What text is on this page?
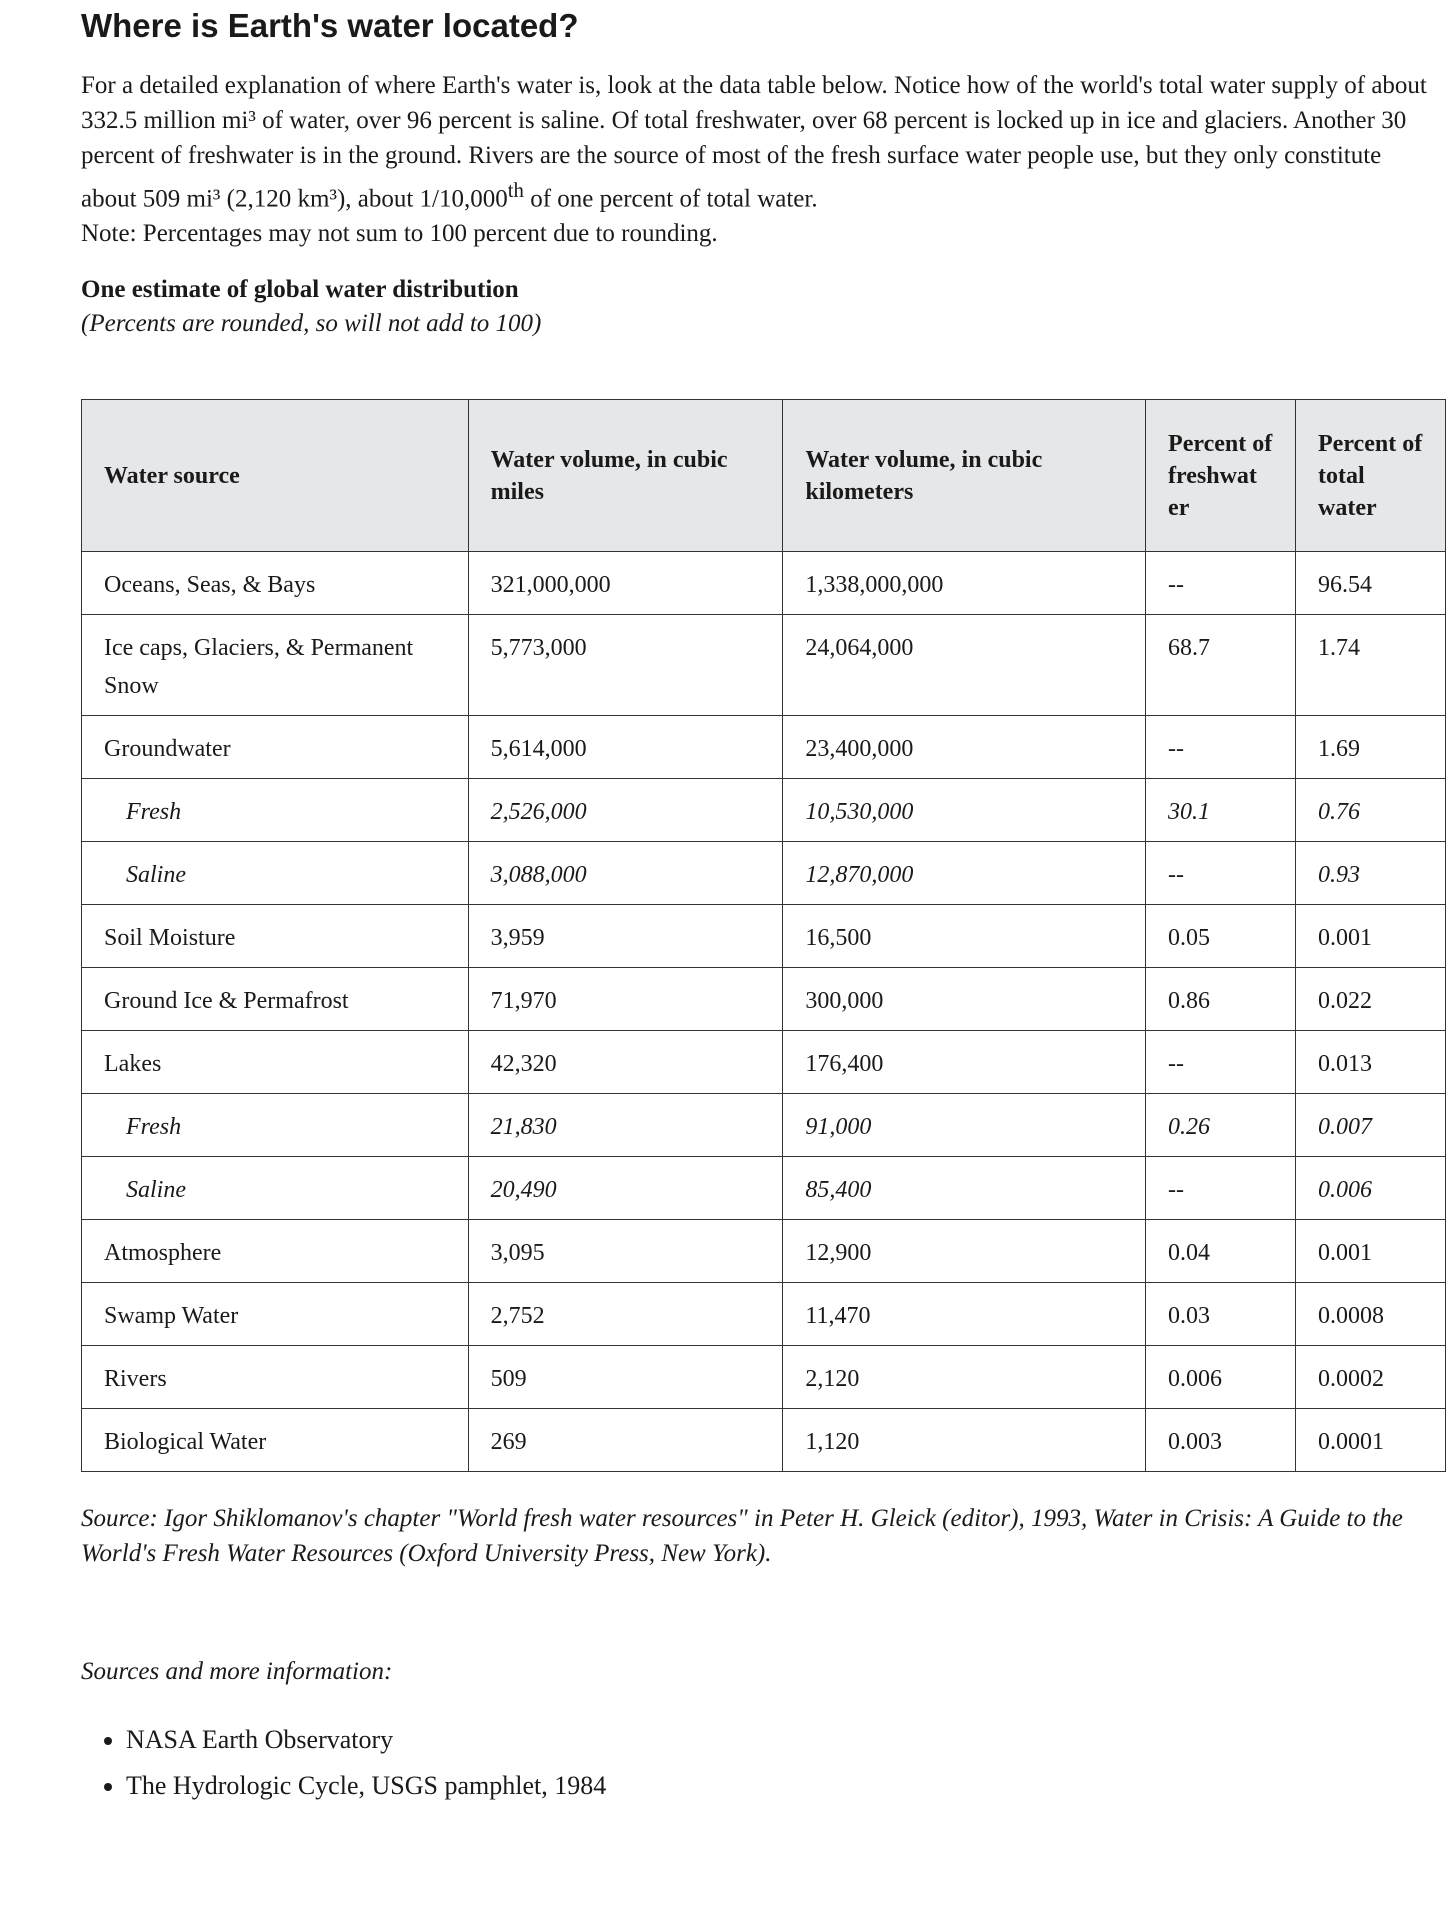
Where is Earth's water located?

For a detailed explanation of where Earth's water is, look at the data table below. Notice how of the world's total water supply of about 332.5 million mi³ of water, over 96 percent is saline. Of total freshwater, over 68 percent is locked up in ice and glaciers. Another 30 percent of freshwater is in the ground. Rivers are the source of most of the fresh surface water people use, but they only constitute about 509 mi³ (2,120 km³), about 1/10,000th of one percent of total water.

Note: Percentages may not sum to 100 percent due to rounding.

One estimate of global water distribution
(Percents are rounded, so will not add to 100)
Water source	Water volume, in cubic miles	Water volume, in cubic kilometers	Percent of freshwat er	Percent of total water
Oceans, Seas, & Bays	321,000,000	1,338,000,000	--	96.54
Ice caps, Glaciers, & Permanent Snow	5,773,000	24,064,000	68.7	1.74
Groundwater	5,614,000	23,400,000	--	1.69
Fresh	2,526,000	10,530,000	30.1	0.76
Saline	3,088,000	12,870,000	--	0.93
Soil Moisture	3,959	16,500	0.05	0.001
Ground Ice & Permafrost	71,970	300,000	0.86	0.022
Lakes	42,320	176,400	--	0.013
Fresh	21,830	91,000	0.26	0.007
Saline	20,490	85,400	--	0.006
Atmosphere	3,095	12,900	0.04	0.001
Swamp Water	2,752	11,470	0.03	0.0008
Rivers	509	2,120	0.006	0.0002
Biological Water	269	1,120	0.003	0.0001
Source: Igor Shiklomanov's chapter "World fresh water resources" in Peter H. Gleick (editor), 1993, Water in Crisis: A Guide to the World's Fresh Water Resources (Oxford University Press, New York).
Sources and more information:
• NASA Earth Observatory
• The Hydrologic Cycle, USGS pamphlet, 1984
